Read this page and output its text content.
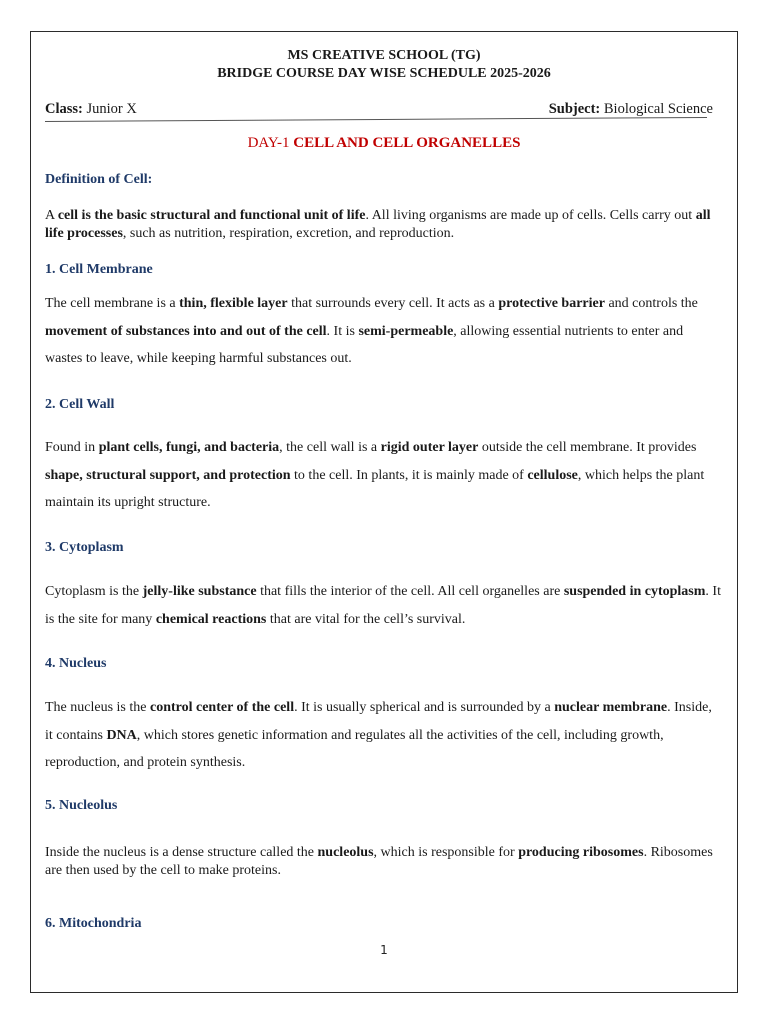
MS CREATIVE SCHOOL (TG)
BRIDGE COURSE DAY WISE SCHEDULE 2025-2026
Class: Junior X	Subject: Biological Science
DAY-1 CELL AND CELL ORGANELLES
Definition of Cell:
A cell is the basic structural and functional unit of life. All living organisms are made up of cells. Cells carry out all life processes, such as nutrition, respiration, excretion, and reproduction.
1. Cell Membrane
The cell membrane is a thin, flexible layer that surrounds every cell. It acts as a protective barrier and controls the movement of substances into and out of the cell. It is semi-permeable, allowing essential nutrients to enter and wastes to leave, while keeping harmful substances out.
2. Cell Wall
Found in plant cells, fungi, and bacteria, the cell wall is a rigid outer layer outside the cell membrane. It provides shape, structural support, and protection to the cell. In plants, it is mainly made of cellulose, which helps the plant maintain its upright structure.
3. Cytoplasm
Cytoplasm is the jelly-like substance that fills the interior of the cell. All cell organelles are suspended in cytoplasm. It is the site for many chemical reactions that are vital for the cell’s survival.
4. Nucleus
The nucleus is the control center of the cell. It is usually spherical and is surrounded by a nuclear membrane. Inside, it contains DNA, which stores genetic information and regulates all the activities of the cell, including growth, reproduction, and protein synthesis.
5. Nucleolus
Inside the nucleus is a dense structure called the nucleolus, which is responsible for producing ribosomes. Ribosomes are then used by the cell to make proteins.
6. Mitochondria
1
